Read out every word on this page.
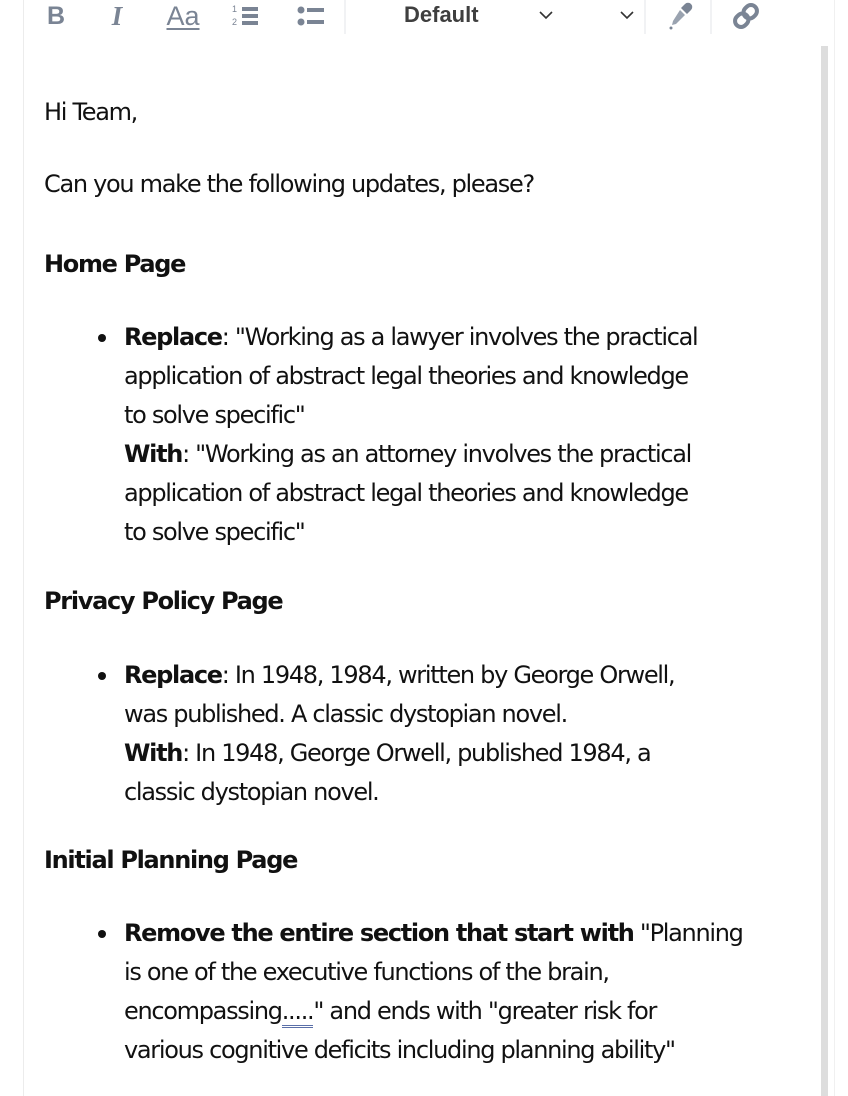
B	I	Aa	1
2	Default
Hi Team,
Can you make the following updates, please?
Home Page
Replace: "Working as a lawyer involves the practical
application of abstract legal theories and knowledge
to solve specific"
With: "Working as an attorney involves the practical
application of abstract legal theories and knowledge
to solve specific"
Privacy Policy Page
Replace: In 1948, 1984, written by George Orwell,
was published. A classic dystopian novel.
With: In 1948, George Orwell, published 1984, a
classic dystopian novel.
Initial Planning Page
Remove the entire section that start with "Planning
is one of the executive functions of the brain,
encompassing....." and ends with "greater risk for
various cognitive deficits including planning ability"
